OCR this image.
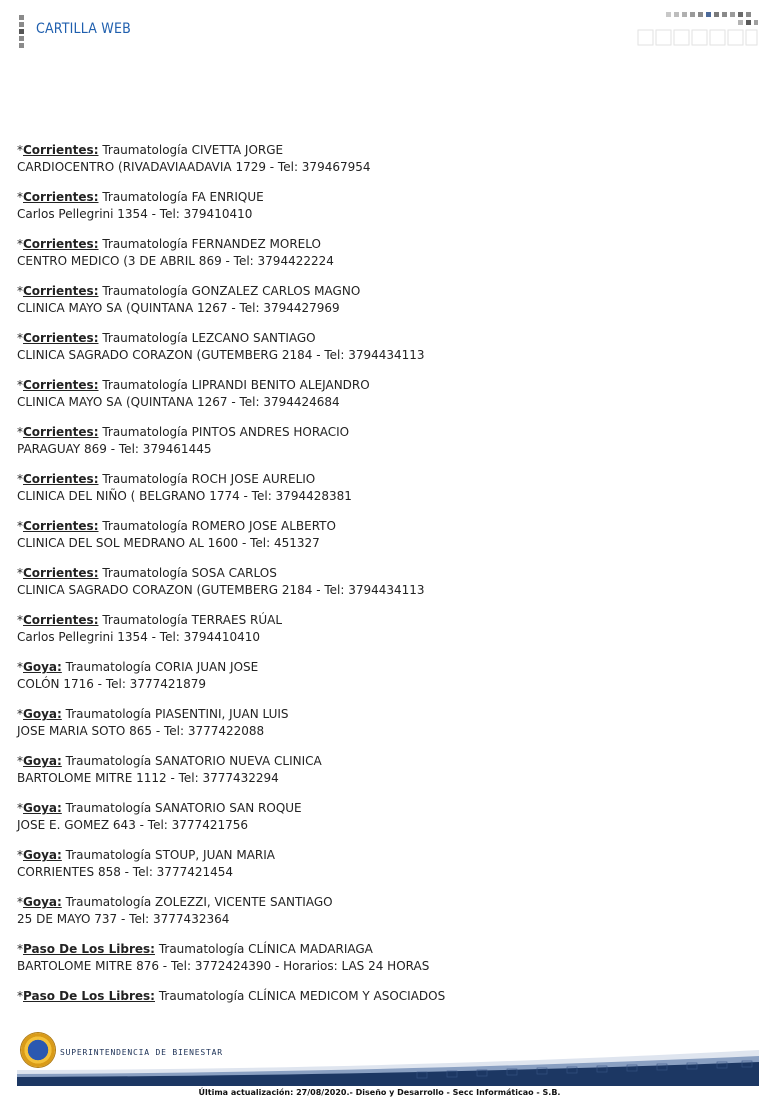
CARTILLA WEB
*Corrientes: Traumatología CIVETTA JORGE
CARDIOCENTRO (RIVADAVIAADAVIA 1729 - Tel: 379467954
*Corrientes: Traumatología FA ENRIQUE
Carlos Pellegrini 1354 - Tel: 379410410
*Corrientes: Traumatología FERNANDEZ MORELO
CENTRO MEDICO (3 DE ABRIL 869 - Tel: 3794422224
*Corrientes: Traumatología GONZALEZ CARLOS MAGNO
CLINICA MAYO SA (QUINTANA 1267 - Tel: 3794427969
*Corrientes: Traumatología LEZCANO SANTIAGO
CLINICA SAGRADO CORAZON (GUTEMBERG 2184 - Tel: 3794434113
*Corrientes: Traumatología LIPRANDI BENITO ALEJANDRO
CLINICA MAYO SA (QUINTANA 1267 - Tel: 3794424684
*Corrientes: Traumatología PINTOS ANDRES HORACIO
PARAGUAY 869 - Tel: 379461445
*Corrientes: Traumatología ROCH JOSE AURELIO
CLINICA DEL NIÑO ( BELGRANO 1774 - Tel: 3794428381
*Corrientes: Traumatología ROMERO JOSE ALBERTO
CLINICA DEL SOL MEDRANO AL 1600 - Tel: 451327
*Corrientes: Traumatología SOSA CARLOS
CLINICA SAGRADO CORAZON (GUTEMBERG 2184 - Tel: 3794434113
*Corrientes: Traumatología TERRAES RÚAL
Carlos Pellegrini 1354 - Tel: 3794410410
*Goya: Traumatología CORIA JUAN JOSE
COLÓN 1716 - Tel: 3777421879
*Goya: Traumatología PIASENTINI, JUAN LUIS
JOSE MARIA SOTO 865 - Tel: 3777422088
*Goya: Traumatología SANATORIO NUEVA CLINICA
BARTOLOME MITRE 1112 - Tel: 3777432294
*Goya: Traumatología SANATORIO SAN ROQUE
JOSE E. GOMEZ 643 - Tel: 3777421756
*Goya: Traumatología STOUP, JUAN MARIA
CORRIENTES 858 - Tel: 3777421454
*Goya: Traumatología ZOLEZZI, VICENTE SANTIAGO
25 DE MAYO 737 - Tel: 3777432364
*Paso De Los Libres: Traumatología CLÍNICA MADARIAGA
BARTOLOME MITRE 876 - Tel: 3772424390 - Horarios: LAS 24 HORAS
*Paso De Los Libres: Traumatología CLÍNICA MEDICOM Y ASOCIADOS
SUPERINTENDENCIA DE BIENESTAR
Última actualización: 27/08/2020.- Diseño y Desarrollo - Secc Informáticao - S.B.
